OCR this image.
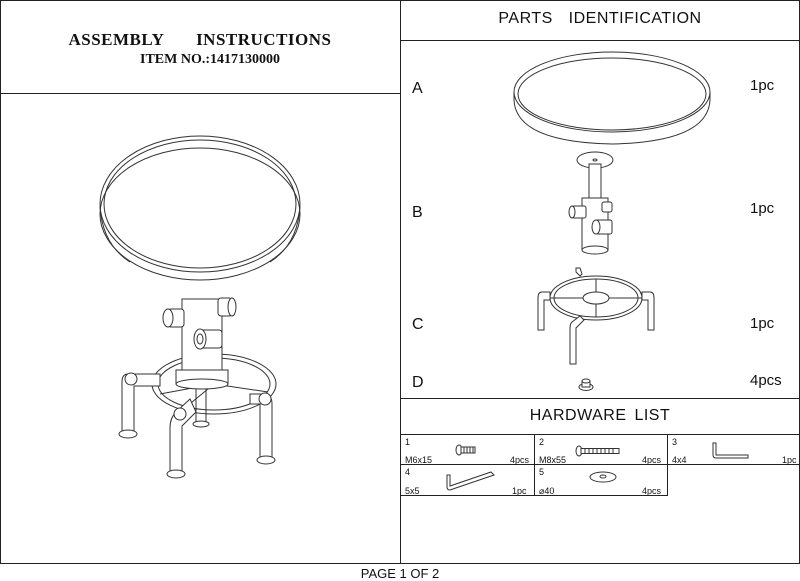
ASSEMBLY   INSTRUCTIONS
ITEM NO.:1417130000
PARTS  IDENTIFICATION
A	1pc
B	1pc
C	1pc
D	4pcs
HARDWARE LIST
1
M6x15	4pcs
2
M8x55	4pcs
3
4x4	1pc
4
5x5	1pc
5
⌀40	4pcs
PAGE 1 OF 2
